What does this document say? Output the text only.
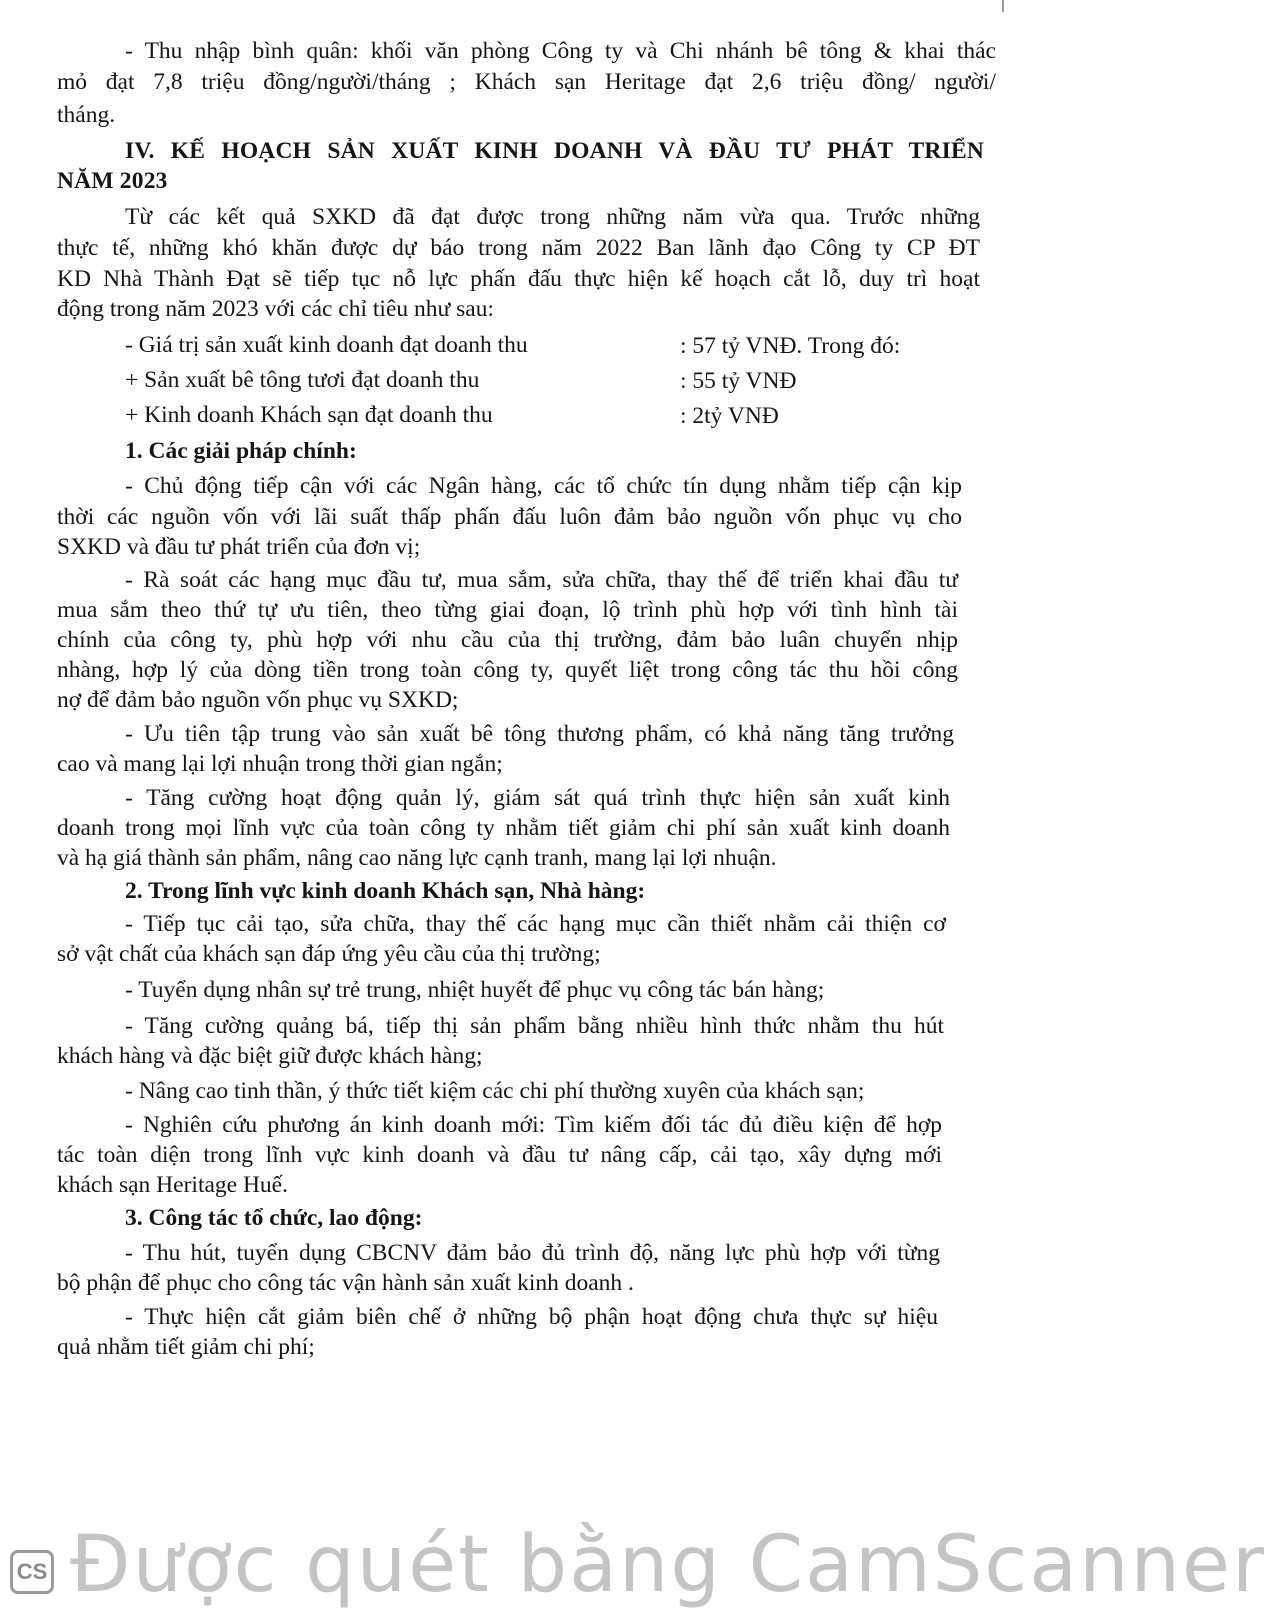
- Thu nhập bình quân: khối văn phòng Công ty và Chi nhánh bê tông & khai thác
mỏ đạt 7,8 triệu đồng/người/tháng ; Khách sạn Heritage đạt 2,6 triệu đồng/ người/
tháng.
IV. KẾ HOẠCH SẢN XUẤT KINH DOANH VÀ ĐẦU TƯ PHÁT TRIỂN
NĂM 2023
Từ các kết quả SXKD đã đạt được trong những năm vừa qua. Trước những
thực tế, những khó khăn được dự báo trong năm 2022 Ban lãnh đạo Công ty CP ĐT
KD Nhà Thành Đạt sẽ tiếp tục nỗ lực phấn đấu thực hiện kế hoạch cắt lỗ, duy trì hoạt
động trong năm 2023 với các chỉ tiêu như sau:
- Giá trị sản xuất kinh doanh đạt doanh thu	: 57 tỷ VNĐ. Trong đó:
+ Sản xuất bê tông tươi đạt doanh thu	: 55 tỷ VNĐ
+ Kinh doanh Khách sạn đạt doanh thu	: 2tỷ VNĐ
1. Các giải pháp chính:
- Chủ động tiếp cận với các Ngân hàng, các tổ chức tín dụng nhằm tiếp cận kịp
thời các nguồn vốn với lãi suất thấp phấn đấu luôn đảm bảo nguồn vốn phục vụ cho
SXKD và đầu tư phát triển của đơn vị;
- Rà soát các hạng mục đầu tư, mua sắm, sửa chữa, thay thế để triển khai đầu tư
mua sắm theo thứ tự ưu tiên, theo từng giai đoạn, lộ trình phù hợp với tình hình tài
chính của công ty, phù hợp với nhu cầu của thị trường, đảm bảo luân chuyển nhịp
nhàng, hợp lý của dòng tiền trong toàn công ty, quyết liệt trong công tác thu hồi công
nợ để đảm bảo nguồn vốn phục vụ SXKD;
- Ưu tiên tập trung vào sản xuất bê tông thương phẩm, có khả năng tăng trưởng
cao và mang lại lợi nhuận trong thời gian ngắn;
- Tăng cường hoạt động quản lý, giám sát quá trình thực hiện sản xuất kinh
doanh trong mọi lĩnh vực của toàn công ty nhằm tiết giảm chi phí sản xuất kinh doanh
và hạ giá thành sản phẩm, nâng cao năng lực cạnh tranh, mang lại lợi nhuận.
2. Trong lĩnh vực kinh doanh Khách sạn, Nhà hàng:
- Tiếp tục cải tạo, sửa chữa, thay thế các hạng mục cần thiết nhằm cải thiện cơ
sở vật chất của khách sạn đáp ứng yêu cầu của thị trường;
- Tuyển dụng nhân sự trẻ trung, nhiệt huyết để phục vụ công tác bán hàng;
- Tăng cường quảng bá, tiếp thị sản phẩm bằng nhiều hình thức nhằm thu hút
khách hàng và đặc biệt giữ được khách hàng;
- Nâng cao tinh thần, ý thức tiết kiệm các chi phí thường xuyên của khách sạn;
- Nghiên cứu phương án kinh doanh mới: Tìm kiếm đối tác đủ điều kiện để hợp
tác toàn diện trong lĩnh vực kinh doanh và đầu tư nâng cấp, cải tạo, xây dựng mới
khách sạn Heritage Huế.
3. Công tác tổ chức, lao động:
- Thu hút, tuyển dụng CBCNV đảm bảo đủ trình độ, năng lực phù hợp với từng
bộ phận để phục cho công tác vận hành sản xuất kinh doanh .
- Thực hiện cắt giảm biên chế ở những bộ phận hoạt động chưa thực sự hiệu
quả nhằm tiết giảm chi phí;
CS Được quét bằng CamScanner
